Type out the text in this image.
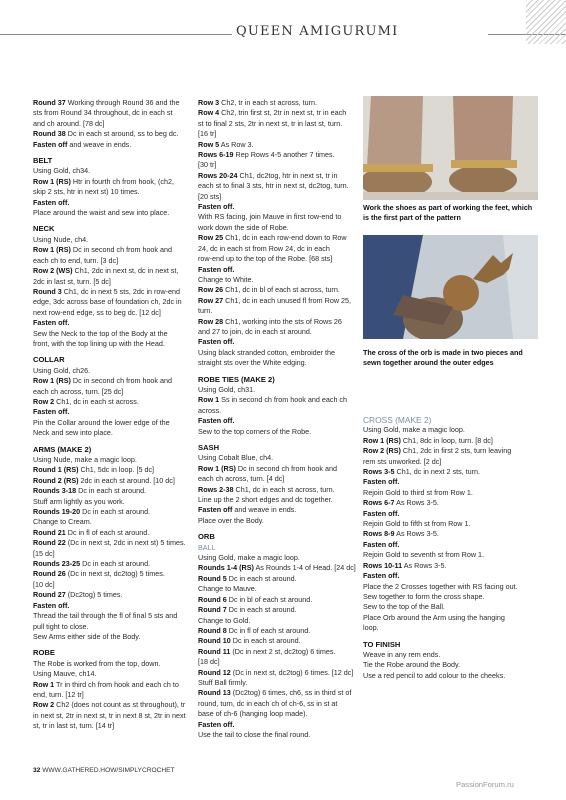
QUEEN AMIGURUMI

Round 37 Working through Round 36 and the

sts from Round 34 throughout, dc in each st

and ch around. [78 dc]

Round 38 Dc in each st around, ss to beg dc.

Fasten off and weave in ends.

BELT

Using Gold, ch34.

Row 1 (RS) Htr in fourth ch from hook, (ch2,

skip 2 sts, htr in next st) 10 times.

Fasten off.

Place around the waist and sew into place.

NECK

Using Nude, ch4.

Row 1 (RS) Dc in second ch from hook and

each ch to end, turn. [3 dc]

Row 2 (WS) Ch1, 2dc in next st, dc in next st,

2dc in last st, turn. [5 dc]

Round 3 Ch1, dc in next 5 sts, 2dc in row-end

edge, 3dc across base of foundation ch, 2dc in

next row-end edge, ss to beg dc. [12 dc]

Fasten off.

Sew the Neck to the top of the Body at the

front, with the top lining up with the Head.

COLLAR

Using Gold, ch26.

Row 1 (RS) Dc in second ch from hook and

each ch across, turn. [25 dc]

Row 2 Ch1, dc in each st across.

Fasten off.

Pin the Collar around the lower edge of the

Neck and sew into place.

ARMS (MAKE 2)

Using Nude, make a magic loop.

Round 1 (RS) Ch1, 5dc in loop. [5 dc]

Round 2 (RS) 2dc in each st around. [10 dc]

Rounds 3-18 Dc in each st around.

Stuff arm lightly as you work.

Rounds 19-20 Dc in each st around.

Change to Cream.

Round 21 Dc in fl of each st around.

Round 22 (Dc in next st, 2dc in next st) 5 times.

[15 dc]

Rounds 23-25 Dc in each st around.

Round 26 (Dc in next st, dc2tog) 5 times.

[10 dc]

Round 27 (Dc2tog) 5 times.

Fasten off.

Thread the tail through the fl of final 5 sts and

pull tight to close.

Sew Arms either side of the Body.

ROBE

The Robe is worked from the top, down.

Using Mauve, ch14.

Row 1 Tr in third ch from hook and each ch to

end, turn. [12 tr]

Row 2 Ch2 (does not count as st throughout), tr

in next st, 2tr in next st, tr in next 8 st, 2tr in next

st, tr in last st, turn. [14 tr]

Row 3 Ch2, tr in each st across, turn.

Row 4 Ch2, trin first st, 2tr in next st, tr in each

st to final 2 sts, 2tr in next st, tr in last st, turn.

[16 tr]

Row 5 As Row 3.

Rows 6-19 Rep Rows 4-5 another 7 times.

[30 tr]

Rows 20-24 Ch1, dc2tog, htr in next st, tr in

each st to final 3 sts, htr in next st, dc2tog, turn.

[20 sts]

Fasten off.

With RS facing, join Mauve in first row-end to

work down the side of Robe.

Row 25 Ch1, dc in each row-end down to Row

24, dc in each st from Row 24, dc in each

row-end up to the top of the Robe. [68 sts]

Fasten off.

Change to White.

Row 26 Ch1, dc in bl of each st across, turn.

Row 27 Ch1, dc in each unused fl from Row 25,

turn.

Row 28 Ch1, working into the sts of Rows 26

and 27 to join, dc in each st around.

Fasten off.

Using black stranded cotton, embroider the

straight sts over the White edging.

ROBE TIES (MAKE 2)

Using Gold, ch31.

Row 1 Ss in second ch from hook and each ch

across.

Fasten off.

Sew to the top corners of the Robe.

SASH

Using Cobalt Blue, ch4.

Row 1 (RS) Dc in second ch from hook and

each ch across, turn. [4 dc]

Rows 2-38 Ch1, dc in each st across, turn.

Line up the 2 short edges and dc together.

Fasten off and weave in ends.

Place over the Body.

ORB
BALL

Using Gold, make a magic loop.

Rounds 1-4 (RS) As Rounds 1-4 of Head. [24 dc]

Round 5 Dc in each st around.

Change to Mauve.

Round 6 Dc in bl of each st around.

Round 7 Dc in each st around.

Change to Gold.

Round 8 Dc in fl of each st around.

Round 10 Dc in each st around.

Round 11 (Dc in next 2 st, dc2tog) 6 times.

[18 dc]

Round 12 (Dc in next st, dc2tog) 6 times. [12 dc]

Stuff Ball firmly.

Round 13 (Dc2tog) 6 times, ch6, ss in third st of

round, turn, dc in each ch of ch-6, ss in st at

base of ch-6 (hanging loop made).

Fasten off.

Use the tail to close the final round.

Work the shoes as part of working the feet, which is the first part of the pattern
The cross of the orb is made in two pieces and sewn together around the outer edges
CROSS (MAKE 2)

Using Gold, make a magic loop.

Row 1 (RS) Ch1, 8dc in loop, turn. [8 dc]

Row 2 (RS) Ch1, 2dc in first 2 sts, turn leaving

rem sts unworked. [2 dc]

Rows 3-5 Ch1, dc in next 2 sts, turn.

Fasten off.

Rejoin Gold to third st from Row 1.

Rows 6-7 As Rows 3-5.

Fasten off.

Rejoin Gold to fifth st from Row 1.

Rows 8-9 As Rows 3-5.

Fasten off.

Rejoin Gold to seventh st from Row 1.

Rows 10-11 As Rows 3-5.

Fasten off.

Place the 2 Crosses together with RS facing out.

Sew together to form the cross shape.

Sew to the top of the Ball.

Place Orb around the Arm using the hanging

loop.

TO FINISH

Weave in any rem ends.

Tie the Robe around the Body.

Use a red pencil to add colour to the cheeks.

32 WWW.GATHERED.HOW/SIMPLYCROCHET
PassionForum.ru
